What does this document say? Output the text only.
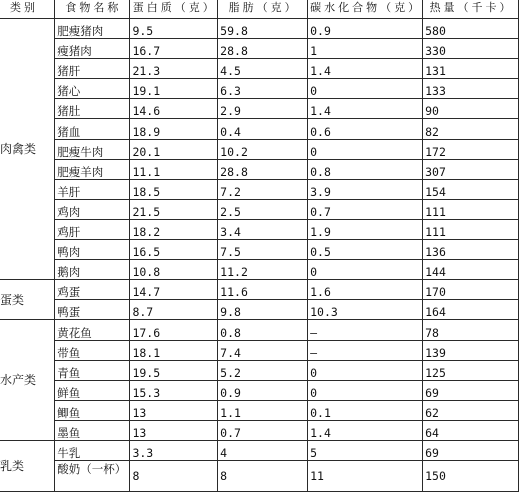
类别	食物名称	蛋白质（克）	脂肪（克）	碳水化合物（克）	热量（千卡）
肉禽类	肥瘦猪肉	9.5	59.8	0.9	580
	瘦猪肉	16.7	28.8	1	330
	猪肝	21.3	4.5	1.4	131
	猪心	19.1	6.3	0	133
	猪肚	14.6	2.9	1.4	90
	猪血	18.9	0.4	0.6	82
	肥瘦牛肉	20.1	10.2	0	172
	肥瘦羊肉	11.1	28.8	0.8	307
	羊肝	18.5	7.2	3.9	154
	鸡肉	21.5	2.5	0.7	111
	鸡肝	18.2	3.4	1.9	111
	鸭肉	16.5	7.5	0.5	136
	鹅肉	10.8	11.2	0	144
蛋类	鸡蛋	14.7	11.6	1.6	170
	鸭蛋	8.7	9.8	10.3	164
水产类	黄花鱼	17.6	0.8	–	78
	带鱼	18.1	7.4	–	139
	青鱼	19.5	5.2	0	125
	鲜鱼	15.3	0.9	0	69
	鲫鱼	13	1.1	0.1	62
	墨鱼	13	0.7	1.4	64
乳类	牛乳	3.3	4	5	69
	酸奶（一杯）	8	8	11	150
